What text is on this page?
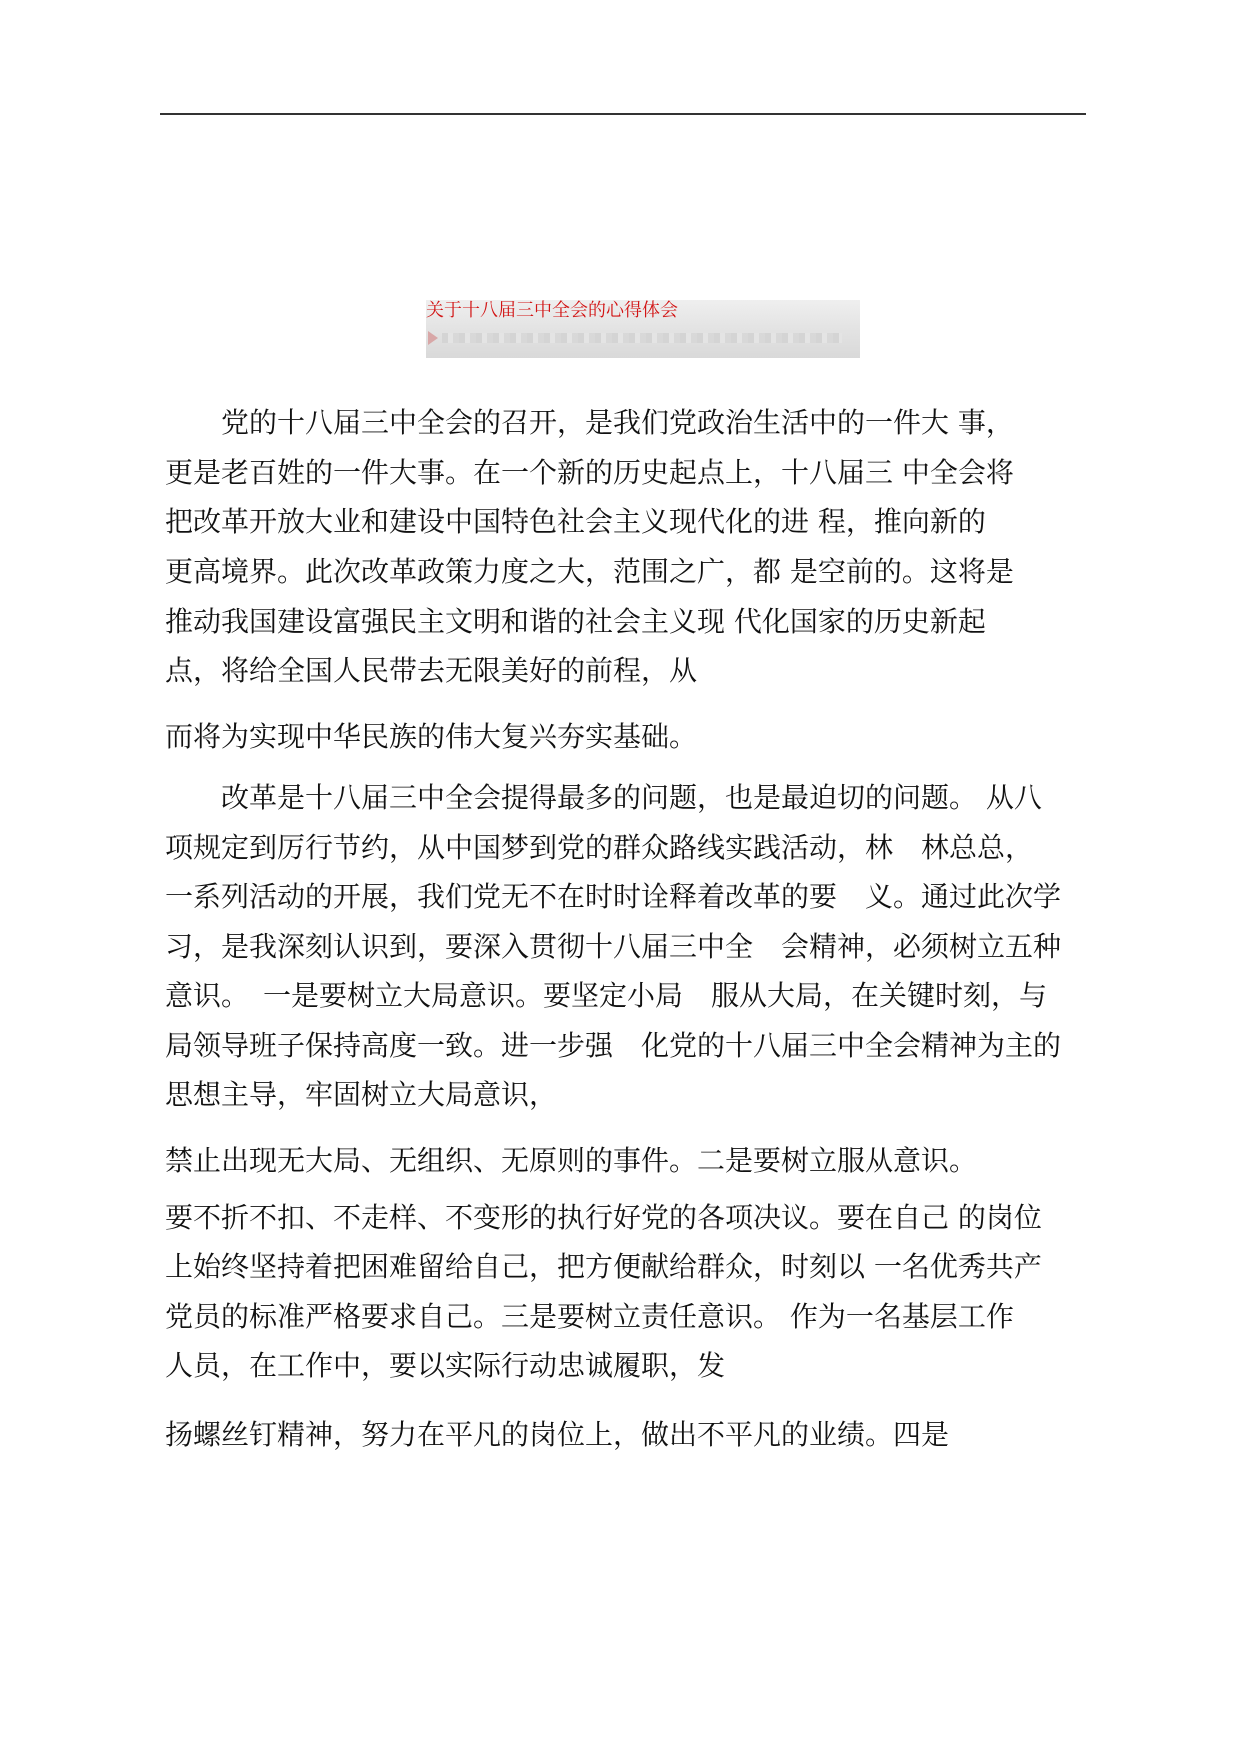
关于十八届三中全会的心得体会
　　党的十八届三中全会的召开，是我们党政治生活中的一件大 事，
更是老百姓的一件大事。在一个新的历史起点上，十八届三 中全会将
把改革开放大业和建设中国特色社会主义现代化的进 程，推向新的
更高境界。此次改革政策力度之大，范围之广，都 是空前的。这将是
推动我国建设富强民主文明和谐的社会主义现 代化国家的历史新起
点，将给全国人民带去无限美好的前程，从
而将为实现中华民族的伟大复兴夯实基础。
　　改革是十八届三中全会提得最多的问题，也是最迫切的问题。 从八
项规定到厉行节约，从中国梦到党的群众路线实践活动，林　林总总，
一系列活动的开展，我们党无不在时时诠释着改革的要　义。通过此次学
习，是我深刻认识到，要深入贯彻十八届三中全　会精神，必须树立五种
意识。　一是要树立大局意识。要坚定小局　服从大局，在关键时刻，与
局领导班子保持高度一致。进一步强　化党的十八届三中全会精神为主的
思想主导，牢固树立大局意识，
禁止出现无大局、无组织、无原则的事件。二是要树立服从意识。
要不折不扣、不走样、不变形的执行好党的各项决议。要在自己 的岗位
上始终坚持着把困难留给自己，把方便献给群众，时刻以 一名优秀共产
党员的标准严格要求自己。三是要树立责任意识。 作为一名基层工作
人员，在工作中，要以实际行动忠诚履职，发
扬螺丝钉精神，努力在平凡的岗位上，做出不平凡的业绩。四是
